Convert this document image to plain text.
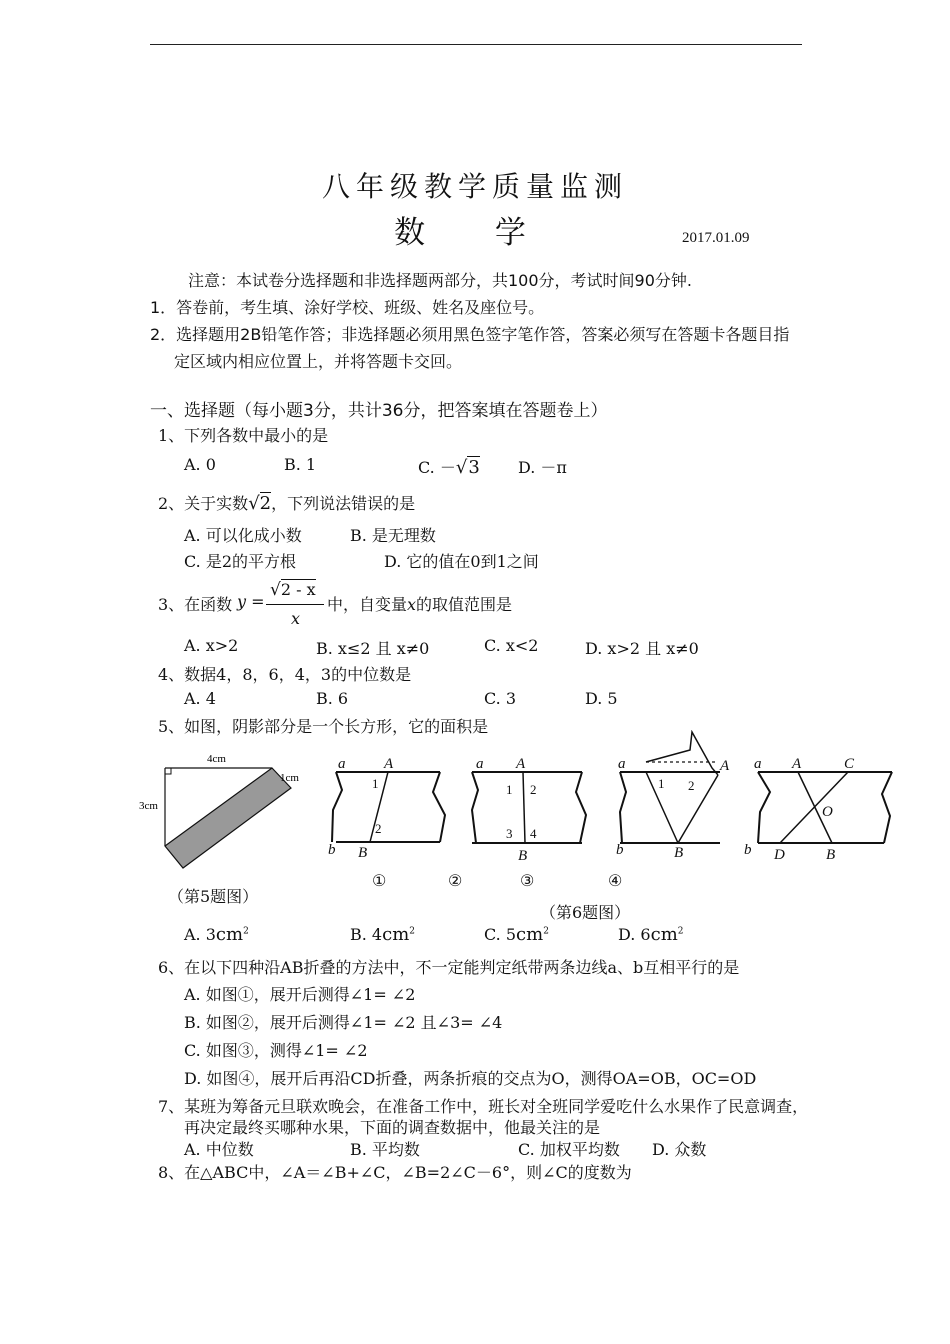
八年级教学质量监测
数 学	2017.01.09
注意：本试卷分选择题和非选择题两部分，共100分，考试时间90分钟.
1．答卷前，考生填、涂好学校、班级、姓名及座位号。
2．选择题用2B铅笔作答；非选择题必须用黑色签字笔作答，答案必须写在答题卡各题目指
定区域内相应位置上，并将答题卡交回。
一、选择题（每小题3分，共计36分，把答案填在答题卷上）
1、下列各数中最小的是
A. 0	B. 1	C. －√3 D. －π
2、关于实数√2，下列说法错误的是
A. 可以化成小数	B. 是无理数
C. 是2的平方根	D. 它的值在0到1之间
3、在函数 y =
√2 - x
x
中，自变量x的取值范围是
A. x>2	B. x≤2 且 x≠0	C. x<2	D. x>2 且 x≠0
4、数据4，8，6，4，3的中位数是
A. 4	B. 6	C. 3	D. 5
5、如图，阴影部分是一个长方形，它的面积是
4cm
1cm
3cm
（第5题图）
a	A
1
2
b B
a A
1 2
3 4
B
a	A
1 2
b	B
a A	C
O
b D	B
①	②	③	④
（第6题图）
A. $3cm^2$	B. $4cm^2$	C. $5cm^2$	D. $6cm^2$
6、在以下四种沿AB折叠的方法中，不一定能判定纸带两条边线a、b互相平行的是
A. 如图①，展开后测得∠1= ∠2
B. 如图②，展开后测得∠1= ∠2 且∠3= ∠4
C. 如图③，测得∠1= ∠2
D. 如图④，展开后再沿CD折叠，两条折痕的交点为O，测得OA=OB，OC=OD
7、某班为筹备元旦联欢晚会，在准备工作中，班长对全班同学爱吃什么水果作了民意调查，
再决定最终买哪种水果，下面的调查数据中，他最关注的是
A. 中位数	B. 平均数	C. 加权平均数 D. 众数
8、在△ABC中，∠A＝∠B+∠C，∠B=2∠C－6°，则∠C的度数为
